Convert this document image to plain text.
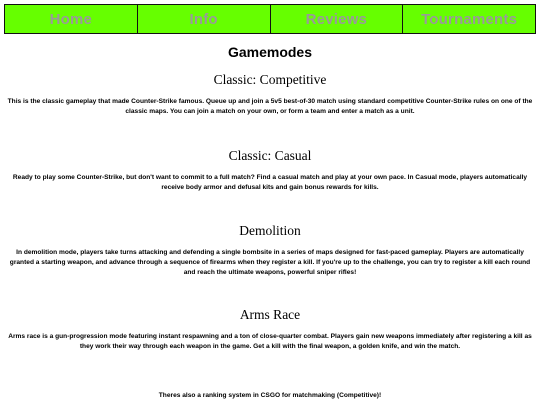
Home	Info	Reviews	Tournaments
Gamemodes
Classic: Competitive

This is the classic gameplay that made Counter-Strike famous. Queue up and join a 5v5 best-of-30 match using standard competitive Counter-Strike rules on one of the classic maps. You can join a match on your own, or form a team and enter a match as a unit.

Classic: Casual

Ready to play some Counter-Strike, but don't want to commit to a full match? Find a casual match and play at your own pace. In Casual mode, players automatically receive body armor and defusal kits and gain bonus rewards for kills.

Demolition

In demolition mode, players take turns attacking and defending a single bombsite in a series of maps designed for fast-paced gameplay. Players are automatically granted a starting weapon, and advance through a sequence of firearms when they register a kill. If you're up to the challenge, you can try to register a kill each round and reach the ultimate weapons, powerful sniper rifles!

Arms Race

Arms race is a gun-progression mode featuring instant respawning and a ton of close-quarter combat. Players gain new weapons immediately after registering a kill as they work their way through each weapon in the game. Get a kill with the final weapon, a golden knife, and win the match.

Theres also a ranking system in CSGO for matchmaking (Competitive)!
